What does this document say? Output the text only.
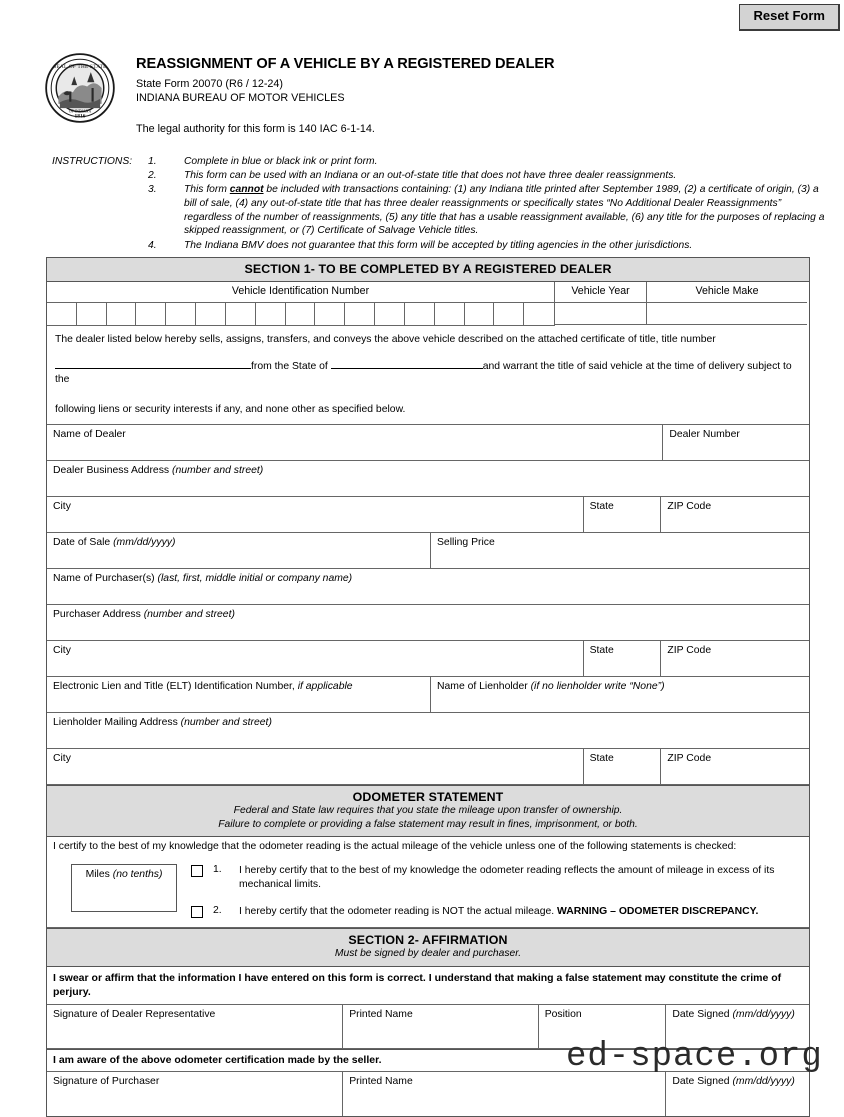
Reset Form
SEAL OF THE STATE
1816
OF INDIANA
REASSIGNMENT OF A VEHICLE BY A REGISTERED DEALER
State Form 20070 (R6 / 12-24)
INDIANA BUREAU OF MOTOR VEHICLES
The legal authority for this form is 140 IAC 6-1-14.
INSTRUCTIONS:	1.	Complete in blue or black ink or print form.
2.	This form can be used with an Indiana or an out-of-state title that does not have three dealer reassignments.
3.	This form cannot be included with transactions containing: (1) any Indiana title printed after September 1989, (2) a certificate of origin, (3) a bill of sale, (4) any out-of-state title that has three dealer reassignments or specifically states “No Additional Dealer Reassignments” regardless of the number of reassignments, (5) any title that has a usable reassignment available, (6) any title for the purposes of replacing a skipped reassignment, or (7) Certificate of Salvage Vehicle titles.
4.	The Indiana BMV does not guarantee that this form will be accepted by titling agencies in the other jurisdictions.
SECTION 1- TO BE COMPLETED BY A REGISTERED DEALER
Vehicle Identification Number	Vehicle Year	Vehicle Make
The dealer listed below hereby sells, assigns, transfers, and conveys the above vehicle described on the attached certificate of title, title number
from the State of	and warrant the title of said vehicle at the time of delivery subject to the
following liens or security interests if any, and none other as specified below.
Name of Dealer	Dealer Number
Dealer Business Address (number and street)
City	State	ZIP Code
Date of Sale (mm/dd/yyyy)	Selling Price
Name of Purchaser(s) (last, first, middle initial or company name)
Purchaser Address (number and street)
City	State	ZIP Code
Electronic Lien and Title (ELT) Identification Number, if applicable	Name of Lienholder (if no lienholder write “None”)
Lienholder Mailing Address (number and street)
City	State	ZIP Code
ODOMETER STATEMENT
Federal and State law requires that you state the mileage upon transfer of ownership.
Failure to complete or providing a false statement may result in fines, imprisonment, or both.
I certify to the best of my knowledge that the odometer reading is the actual mileage of the vehicle unless one of the following statements is checked:
Miles (no tenths)	1.	I hereby certify that to the best of my knowledge the odometer reading reflects the amount of mileage in excess of its mechanical limits.
2.	I hereby certify that the odometer reading is NOT the actual mileage. WARNING – ODOMETER DISCREPANCY.
SECTION 2- AFFIRMATION
Must be signed by dealer and purchaser.
I swear or affirm that the information I have entered on this form is correct. I understand that making a false statement may constitute the crime of perjury.
Signature of Dealer Representative	Printed Name	Position	Date Signed (mm/dd/yyyy)
I am aware of the above odometer certification made by the seller.
Signature of Purchaser	Printed Name	Date Signed (mm/dd/yyyy)
ed-space.org
